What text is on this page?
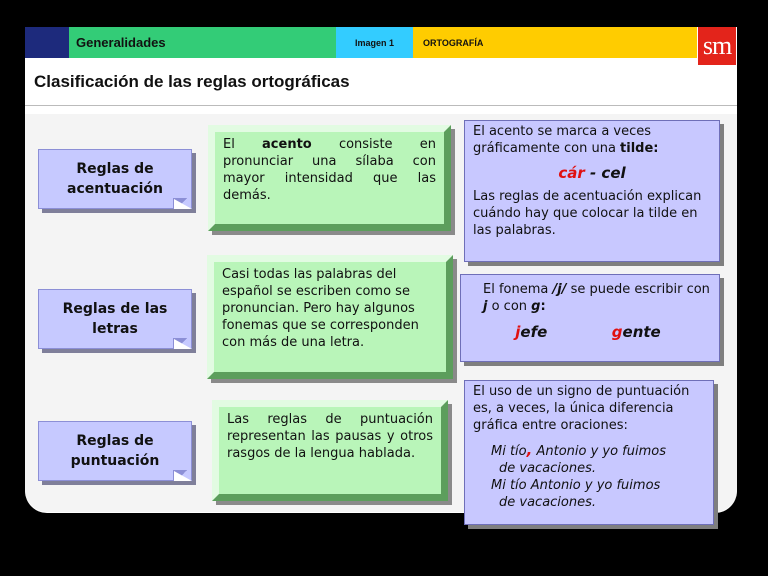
Generalidades	Imagen 1	ORTOGRAFÍA	sm
Clasificación de las reglas ortográficas
Reglas de acentuación
El acento consiste en pronunciar una sílaba con mayor intensidad que las demás.
El acento se marca a veces gráficamente con una tilde:
cár - cel
Las reglas de acentuación explican cuándo hay que colocar la tilde en las palabras.
Reglas de las letras
Casi todas las palabras del español se escriben como se pronuncian. Pero hay algunos fonemas que se corresponden con más de una letra.
El fonema /j/ se puede escribir con j o con g:
jefe	gente
Reglas de puntuación
Las reglas de puntuación representan las pausas y otros rasgos de la lengua hablada.
El uso de un signo de puntuación es, a veces, la única diferencia gráfica entre oraciones:
Mi tío, Antonio y yo fuimos
de vacaciones.
Mi tío Antonio y yo fuimos
de vacaciones.
